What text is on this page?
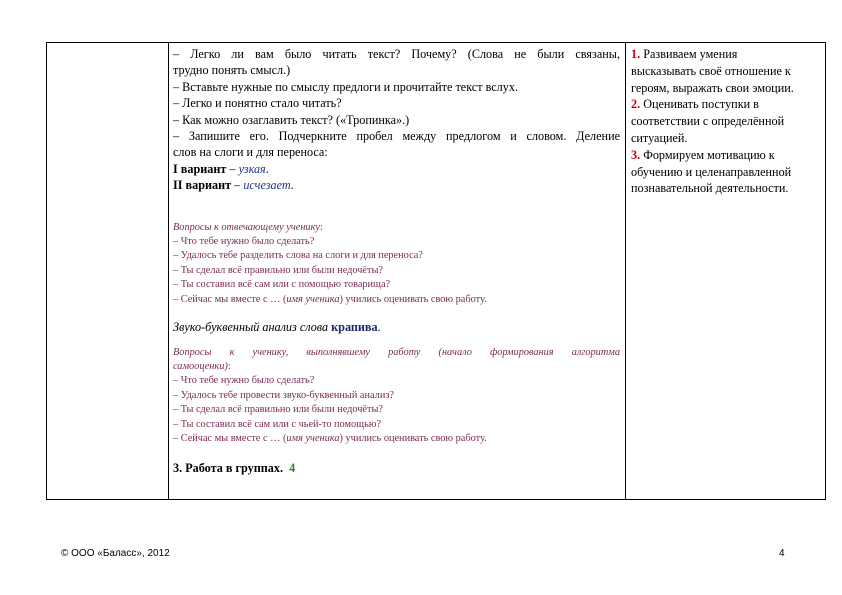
– Легко ли вам было читать текст? Почему? (Слова не были связаны,

трудно понять смысл.)

– Вставьте нужные по смыслу предлоги и прочитайте текст вслух.

– Легко и понятно стало читать?

– Как можно озаглавить текст? («Тропинка».)

– Запишите его. Подчеркните пробел между предлогом и словом. Деление

слов на слоги и для переноса:

I вариант – узкая.

II вариант – исчезает.

Вопросы к отвечающему ученику:

– Что тебе нужно было сделать?

– Удалось тебе разделить слова на слоги и для переноса?

– Ты сделал всё правильно или были недочёты?

– Ты составил всё сам или с помощью товарища?

– Сейчас мы вместе с … (имя ученика) учились оценивать свою работу.

Звуко-буквенный анализ слова крапива.

Вопросы к ученику, выполнявшему работу (начало формирования алгоритма

самооценки):

– Что тебе нужно было сделать?

– Удалось тебе провести звуко-буквенный анализ?

– Ты сделал всё правильно или были недочёты?

– Ты составил всё сам или с чьей-то помощью?

– Сейчас мы вместе с … (имя ученика) учились оценивать свою работу.

3. Работа в группах. 4

1. Развиваем умения

высказывать своё отношение к

героям, выражать свои эмоции.

2. Оценивать поступки в

соответствии с определённой

ситуацией.

3. Формируем мотивацию к

обучению и целенаправленной

познавательной деятельности.

© ООО «Баласс», 2012	4
